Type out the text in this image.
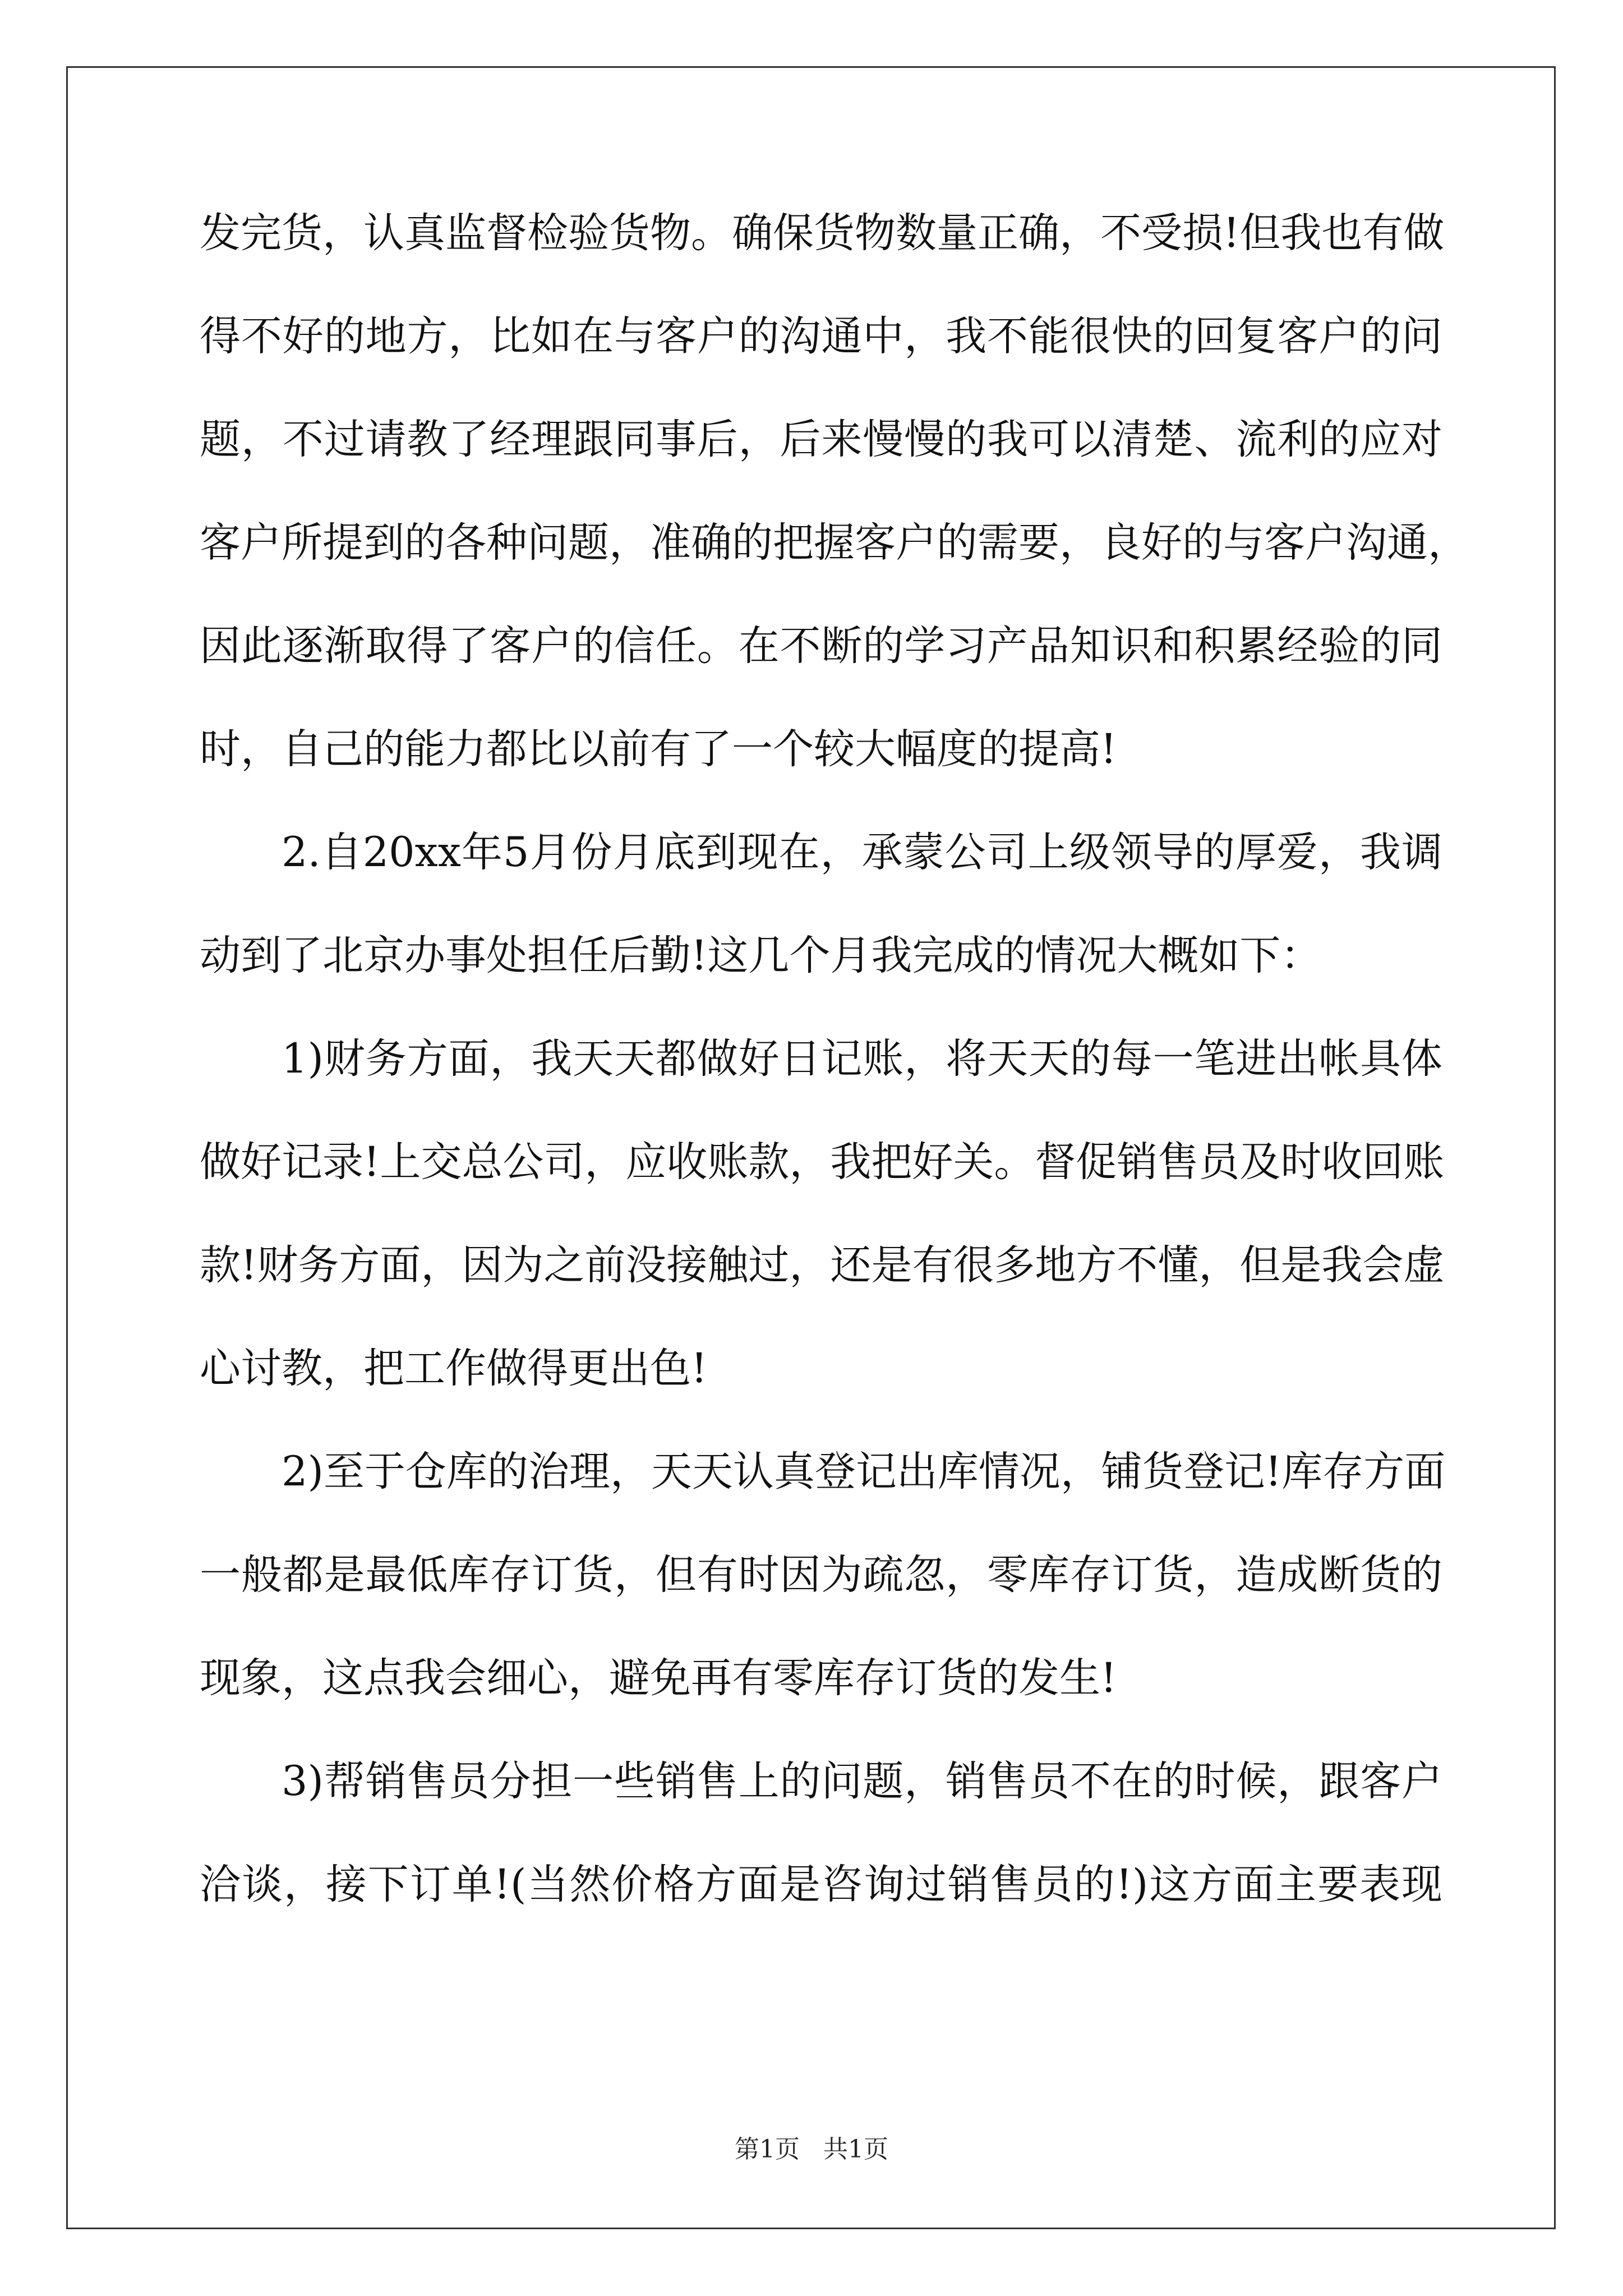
发完货，认真监督检验货物。确保货物数量正确，不受损!但我也有做
得不好的地方，比如在与客户的沟通中，我不能很快的回复客户的问
题，不过请教了经理跟同事后，后来慢慢的我可以清楚、流利的应对
客户所提到的各种问题，准确的把握客户的需要，良好的与客户沟通，
因此逐渐取得了客户的信任。在不断的学习产品知识和积累经验的同
时，自己的能力都比以前有了一个较大幅度的提高!
2.自20xx年5月份月底到现在，承蒙公司上级领导的厚爱，我调
动到了北京办事处担任后勤!这几个月我完成的情况大概如下：
1)财务方面，我天天都做好日记账，将天天的每一笔进出帐具体
做好记录!上交总公司，应收账款，我把好关。督促销售员及时收回账
款!财务方面，因为之前没接触过，还是有很多地方不懂，但是我会虚
心讨教，把工作做得更出色!
2)至于仓库的治理，天天认真登记出库情况，铺货登记!库存方面
一般都是最低库存订货，但有时因为疏忽，零库存订货，造成断货的
现象，这点我会细心，避免再有零库存订货的发生!
3)帮销售员分担一些销售上的问题，销售员不在的时候，跟客户
洽谈，接下订单!(当然价格方面是咨询过销售员的!)这方面主要表现
第1页   共1页
